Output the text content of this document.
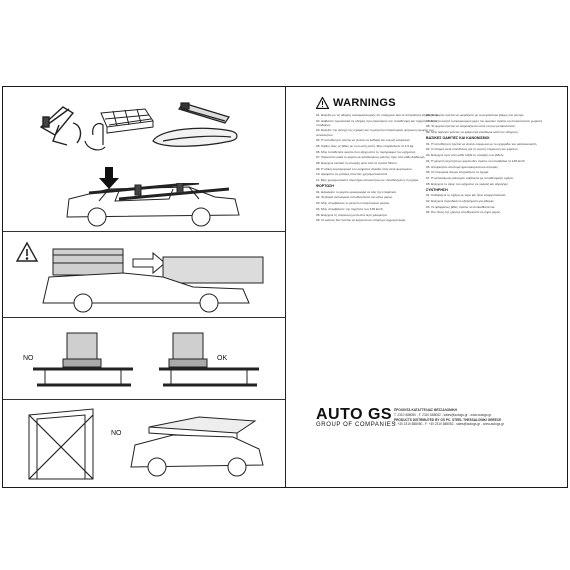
NO	OK
NO
WARNINGS

01. Ελέγξτε με τις οδηγίες συναρμολόγησης ότι υπάρχουν όλα τα απαραίτητα εξαρτήματα.

02. Διαβάστε προσεκτικά τις οδηγίες πριν ξεκινήσετε την τοποθέτηση και τηρήστε όλες τις υποδείξεις.

03. Ελέγξτε την αντοχή της σχάρας και τη μέγιστη επιτρεπόμενη φόρτωση οροφής του αυτοκινήτου.

04. Η τοποθέτηση πρέπει να γίνεται σε καθαρή και στεγνή επιφάνεια.

05. Σφίξτε όλες τις βίδες με τη σωστή ροπή. Μην υπερβαίνετε τα 1,5 kg.

06. Μην τοποθετείτε φορτίο που εξέχει από το περίγραμμα του οχήματος.

07. Στερεώστε καλά το φορτίο με κατάλληλους ιμάντες πριν από κάθε διαδρομή.

08. Ελέγχετε τακτικά τη σύσφιξη μετά από τα πρώτα 50 km.

09. Η οδική συμπεριφορά του οχήματος αλλάζει όταν είναι φορτωμένο.

10. Αφαιρείτε τις μπάρες όταν δεν χρησιμοποιούνται.

11. Μην χρησιμοποιείτε πλυντήριο αυτοκινήτων με τοποθετημένη τη σχάρα.

ΦΟΡΤΩΣΗ

01. Διανείμετε το φορτίο ομοιόμορφα σε όλη την επιφάνεια.

02. Τα βαριά αντικείμενα τοποθετούνται στο κάτω μέρος.

03. Μην υπερβαίνετε το μέγιστο επιτρεπόμενο φορτίο.

04. Μην υπερβαίνετε την ταχύτητα των 130 km/h.

05. Ελέγχετε τη στερέωση μετά από λίγα χιλιόμετρα.

06. Οι ιμάντες δεν πρέπει να έρχονται σε επαφή με αιχμηρά άκρα.

08. Το φορτίο πρέπει να μοιράζεται με το μεγαλύτερο βάρος στο κέντρο.

07. Όλα τα κινητά ή αφαιρούμενα μέρη του φορτίου πρέπει να στερεώνονται χωριστά.

08. Τα φορτία πρέπει να ασφαλίζονται ώστε να μην μετακινούνται.

09. Μην αφήνετε ιμάντες να κρέμονται ελεύθεροι κατά την οδήγηση.

ΒΑΣΙΚΕΣ ΟΔΗΓΙΕΣ ΚΑΙ ΚΑΝΟΝΙΣΜΟΙ

01. Η τοποθέτηση πρέπει να γίνεται σύμφωνα με το εγχειρίδιο του κατασκευαστή.

02. Ο οδηγός είναι υπεύθυνος για τη σωστή στερέωση του φορτίου.

03. Ελέγχετε πριν από κάθε ταξίδι τη σύσφιξη των βιδών.

04. Η μέγιστη ταχύτητα με φορτίο δεν πρέπει να υπερβαίνει τα 130 km/h.

05. Αποφεύγετε απότομα φρεναρίσματα και στροφές.

06. Οι πλευρικοί άνεμοι επηρεάζουν το όχημα.

07. Η κατανάλωση καυσίμου αυξάνεται με τοποθετημένη σχάρα.

08. Ελέγχετε το ύψος του οχήματος σε γκαράζ και σήραγγες.

ΣΥΝΤΗΡΗΣΗ

01. Καθαρίζετε τη σχάρα με νερό και ήπιο απορρυπαντικό.

02. Ελέγχετε περιοδικά τα εξαρτήματα για φθορές.

03. Οι φθαρμένες βίδες πρέπει να αντικαθίστανται.

04. Στο τέλος της χρήσης αποθηκεύστε σε ξηρό μέρος.

AUTO GS
GROUP OF COMPANIES
ΠΡΟΙΟΝΤΑ ΚΑΤΑΓΓΕΛΙΑΣ ΘΕΣΣΑΛΟΝΙΚΗ
T. 2310 688050 - F. 2310 688052 - sales@autogs.gr - www.autogs.gr
PRODUCTS DISTRIBUTED BY GS PC. STEEL THESSALONIKI GREECE
T. +30 2310 688050 - F. +30 2310 688052 - sales@autogs.gr - www.autogs.gr
